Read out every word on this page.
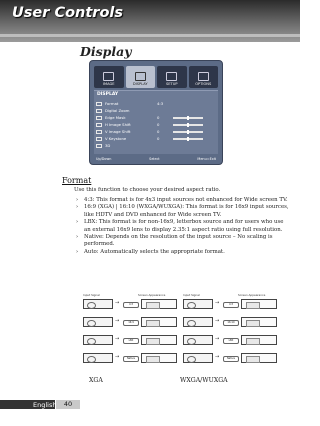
User Controls
Display
IMAGE	DISPLAY	SETUP	OPTIONS
DISPLAY
Format	4:3
Digital Zoom
Edge Mask	0
H Image Shift	0
V Image Shift	0
V Keystone	0
3D
Up/Down	Select	Menu=Exit
Format
Use this function to choose your desired aspect ratio.
› 4:3: This format is for 4x3 input sources not enhanced for Wide screen TV.
› 16:9 (XGA) | 16:10 (WXGA/WUXGA): This format is for 16x9 input sources, like HDTV and DVD enhanced for Wide screen TV.
› LBX: This format is for non-16x9, letterbox source and for users who use an external 16x9 lens to display 2.35:1 aspect ratio using full resolution.
› Native: Depends on the resolution of the input source – No scaling is performed.
› Auto: Automatically selects the appropriate format.
Input Signal	Screen Appearance
→	4:3
→	16:9
→	LBX
→	Native
Input Signal	Screen Appearance
→	4:3
→	16:10
→	LBX
→	Native
XGA	WXGA/WUXGA
English	40
